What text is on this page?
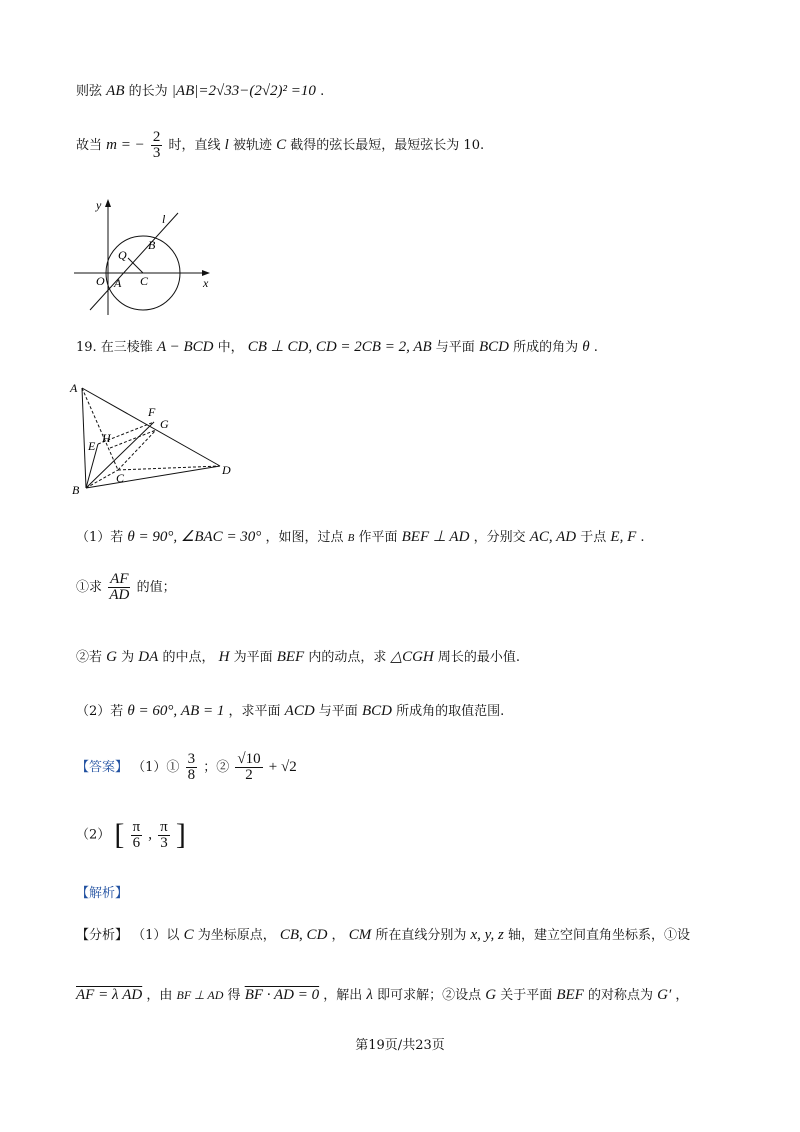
则弦 AB 的长为 |AB|=2√33−(2√2)² =10 .
故当 m = − $\frac{2}{3}$ 时，直线 l 被轨迹 C 截得的弦长最短，最短弦长为 10.
y
x
O A C
Q
B
l
19. 在三棱锥 A − BCD 中， CB ⊥ CD, CD = 2CB = 2, AB 与平面 BCD 所成的角为 θ .
A
B
C
D
E
F
G
H
（1）若 θ = 90°, ∠BAC = 30° ，如图，过点 B 作平面 BEF ⊥ AD ，分别交 AC, AD 于点 E, F .
①求 $\frac{AF}{AD}$ 的值；
②若 G 为 DA 的中点， H 为平面 BEF 内的动点，求 △CGH 周长的最小值.
（2）若 θ = 60°, AB = 1 ，求平面 ACD 与平面 BCD 所成角的取值范围.
【答案】 （1）① $\frac{3}{8}$ ；② $\frac{√10}{2} + √2$
（2） [ $\frac{\pi}{6}$ , $\frac{\pi}{3}$ ]
【解析】
【分析】 （1）以 C 为坐标原点， CB, CD ， CM 所在直线分别为 x, y, z 轴，建立空间直角坐标系，①设
AF = λ AD ，由 BF ⊥ AD 得 BF · AD = 0 ，解出 λ 即可求解；②设点 G 关于平面 BEF 的对称点为 G′ ，
第19页/共23页
